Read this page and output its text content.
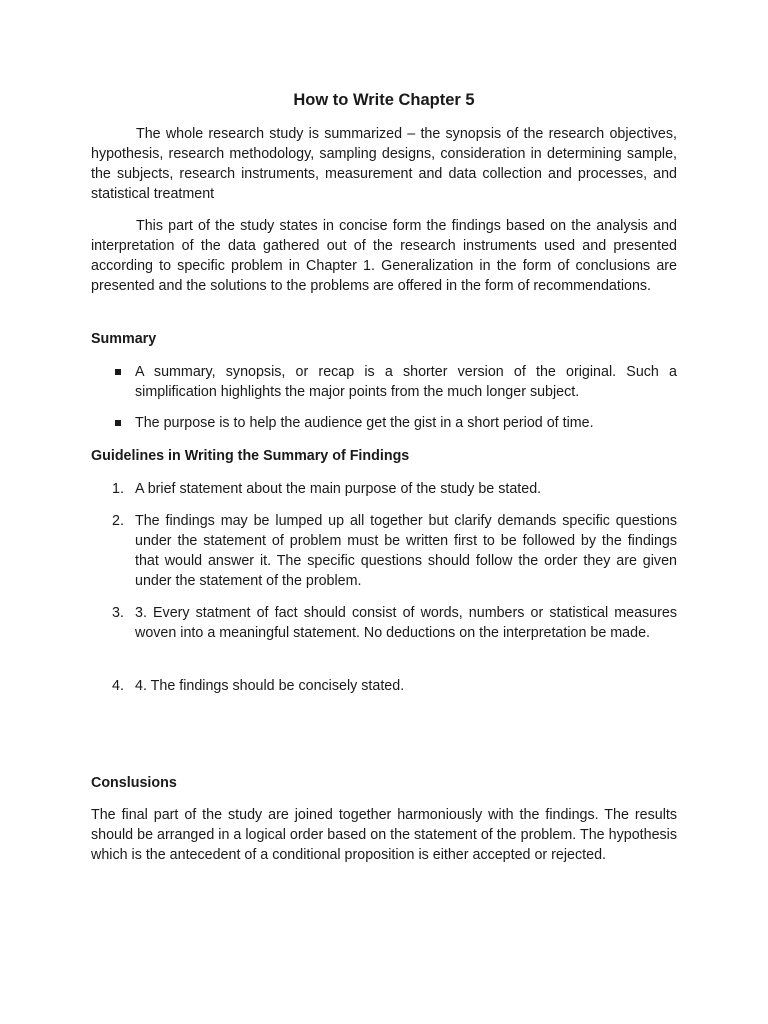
How to Write Chapter 5

The whole research study is summarized – the synopsis of the research objectives, hypothesis, research methodology, sampling designs, consideration in determining sample, the subjects, research instruments, measurement and data collection and processes, and statistical treatment

This part of the study states in concise form the findings based on the analysis and interpretation of the data gathered out of the research instruments used and presented according to specific problem in Chapter 1. Generalization in the form of conclusions are presented and the solutions to the problems are offered in the form of recommendations.

Summary

A summary, synopsis, or recap is a shorter version of the original. Such a simplification highlights the major points from the much longer subject.
The purpose is to help the audience get the gist in a short period of time.

Guidelines in Writing the Summary of Findings

1. A brief statement about the main purpose of the study be stated.
2. The findings may be lumped up all together but clarify demands specific questions under the statement of problem must be written first to be followed by the findings that would answer it. The specific questions should follow the order they are given under the statement of the problem.
3. 3. Every statment of fact should consist of words, numbers or statistical measures woven into a meaningful statement. No deductions on the interpretation be made.
4. 4. The findings should be concisely stated.

Conslusions

The final part of the study are joined together harmoniously with the findings. The results should be arranged in a logical order based on the statement of the problem. The hypothesis which is the antecedent of a conditional proposition is either accepted or rejected.
